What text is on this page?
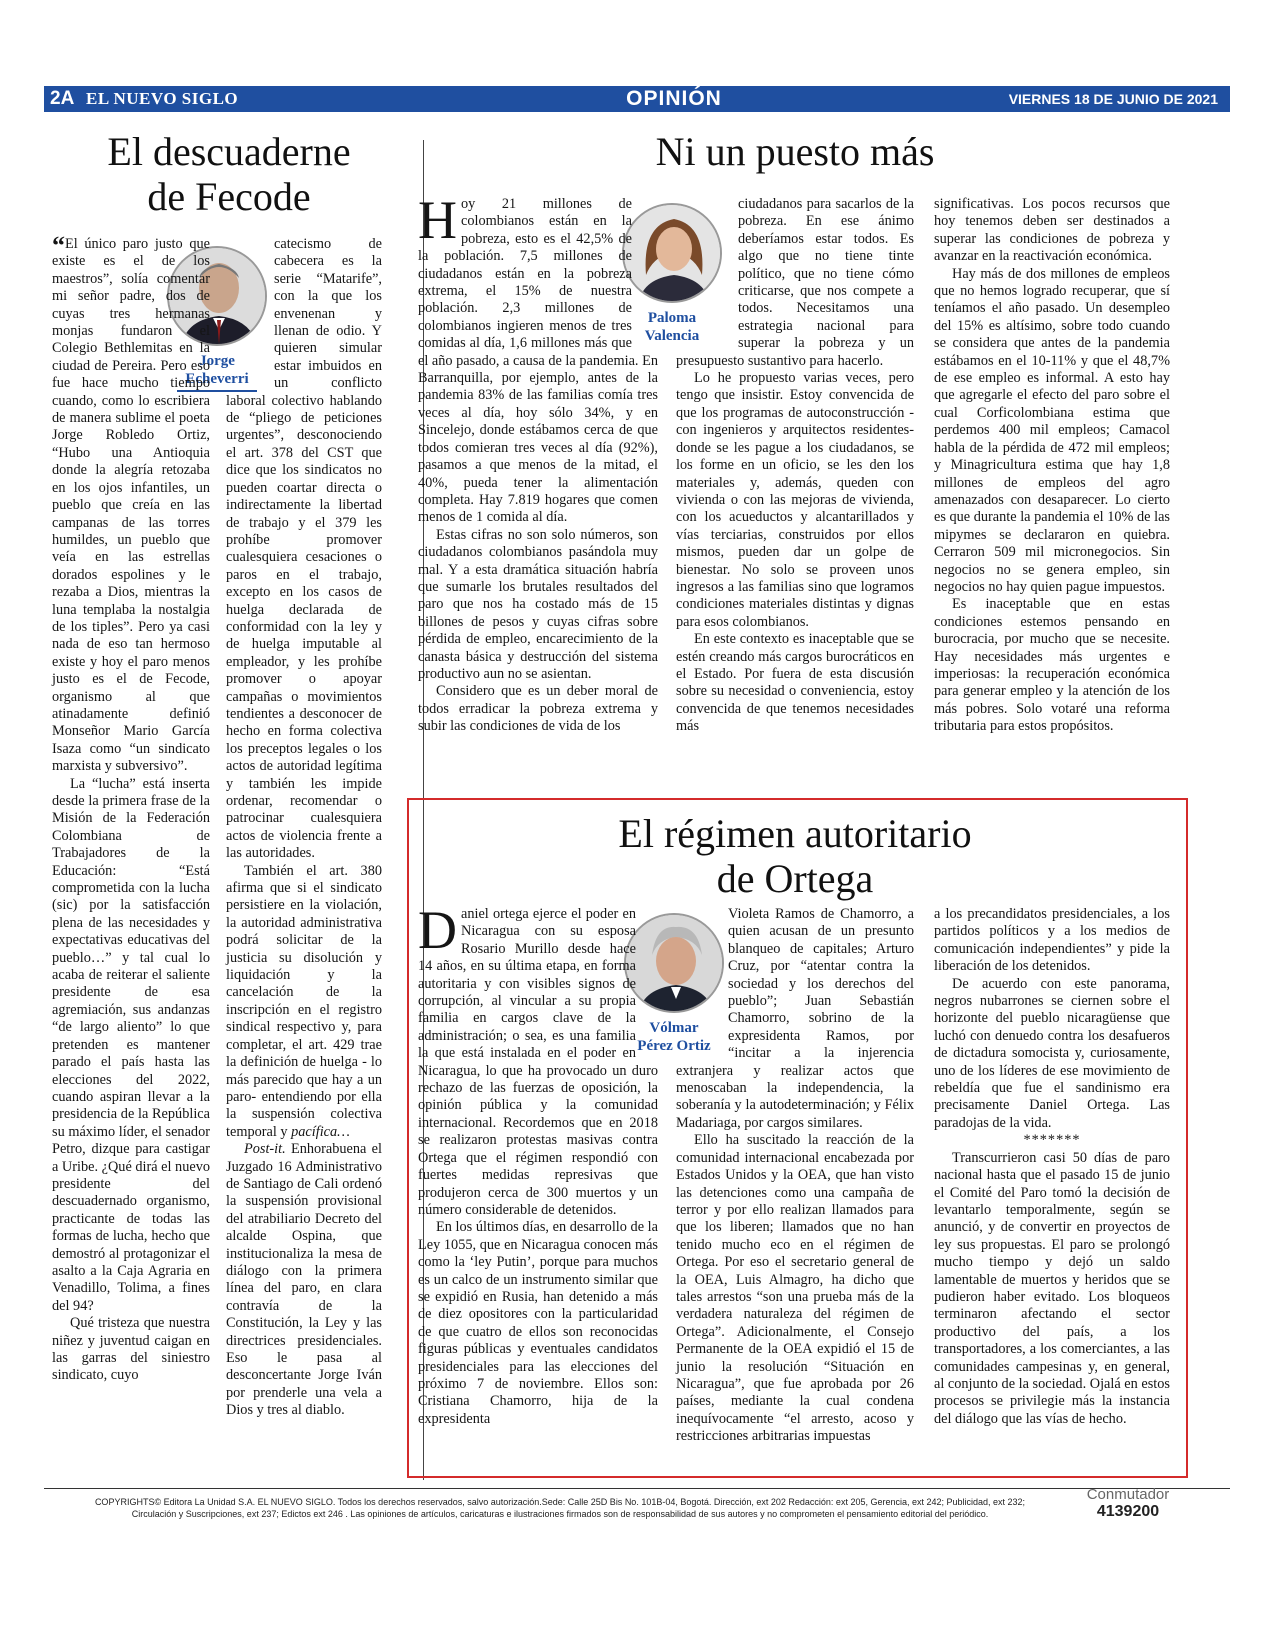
2A EL NUEVO SIGLO	OPINIÓN	VIERNES 18 DE JUNIO DE 2021
El descuaderne
de Fecode
Jorge
Echeverri

“El único paro justo que existe es el de los maestros”, solía comentar mi señor padre, dos de cuyas tres hermanas monjas fundaron el Colegio Bethlemitas en la ciudad de Pereira. Pero eso fue hace mucho tiempo cuando, como lo escribiera de manera sublime el poeta Jorge Robledo Ortiz, “Hubo una Antioquia donde la alegría retozaba en los ojos infantiles, un pueblo que creía en las campanas de las torres humildes, un pueblo que veía en las estrellas dorados espolines y le rezaba a Dios, mientras la luna templaba la nostalgia de los tiples”. Pero ya casi nada de eso tan hermoso existe y hoy el paro menos justo es el de Fecode, organismo al que atinadamente definió Monseñor Mario García Isaza como “un sindicato marxista y subversivo”.

La “lucha” está inserta desde la primera frase de la Misión de la Federación Colombiana de Trabajadores de la Educación: “Está comprometida con la lucha (sic) por la satisfacción plena de las necesidades y expectativas educativas del pueblo…” y tal cual lo acaba de reiterar el saliente presidente de esa agremiación, sus andanzas “de largo aliento” lo que pretenden es mantener parado el país hasta las elecciones del 2022, cuando aspiran llevar a la presidencia de la República su máximo líder, el senador Petro, dizque para castigar a Uribe. ¿Qué dirá el nuevo presidente del descuadernado organismo, practicante de todas las formas de lucha, hecho que demostró al protagonizar el asalto a la Caja Agraria en Venadillo, Tolima, a fines del 94?

Qué tristeza que nuestra niñez y juventud caigan en las garras del siniestro sindicato, cuyo

catecismo de cabecera es la serie “Matarife”, con la que los envenenan y llenan de odio. Y quieren simular estar imbuidos en un conflicto laboral colectivo hablando de “pliego de peticiones urgentes”, desconociendo el art. 378 del CST que dice que los sindicatos no pueden coartar directa o indirectamente la libertad de trabajo y el 379 les prohíbe promover cualesquiera cesaciones o paros en el trabajo, excepto en los casos de huelga declarada de conformidad con la ley y de huelga imputable al empleador, y les prohíbe promover o apoyar campañas o movimientos tendientes a desconocer de hecho en forma colectiva los preceptos legales o los actos de autoridad legítima y también les impide ordenar, recomendar o patrocinar cualesquiera actos de violencia frente a las autoridades.

También el art. 380 afirma que si el sindicato persistiere en la violación, la autoridad administrativa podrá solicitar de la justicia su disolución y liquidación y la cancelación de la inscripción en el registro sindical respectivo y, para completar, el art. 429 trae la definición de huelga - lo más parecido que hay a un paro- entendiendo por ella la suspensión colectiva temporal y pacífica…

Post-it. Enhorabuena el Juzgado 16 Administrativo de Santiago de Cali ordenó la suspensión provisional del atrabiliario Decreto del alcalde Ospina, que institucionaliza la mesa de diálogo con la primera línea del paro, en clara contravía de la Constitución, la Ley y las directrices presidenciales. Eso le pasa al desconcertante Jorge Iván por prenderle una vela a Dios y tres al diablo.

Ni un puesto más
Paloma
Valencia

Hoy 21 millones de colombianos están en la pobreza, esto es el 42,5% de la población. 7,5 millones de ciudadanos están en la pobreza extrema, el 15% de nuestra población. 2,3 millones de colombianos ingieren menos de tres comidas al día, 1,6 millones más que el año pasado, a causa de la pandemia. En Barranquilla, por ejemplo, antes de la pandemia 83% de las familias comía tres veces al día, hoy sólo 34%, y en Sincelejo, donde estábamos cerca de que todos comieran tres veces al día (92%), pasamos a que menos de la mitad, el 40%, pueda tener la alimentación completa. Hay 7.819 hogares que comen menos de 1 comida al día.

Estas cifras no son solo números, son ciudadanos colombianos pasándola muy mal. Y a esta dramática situación habría que sumarle los brutales resultados del paro que nos ha costado más de 15 billones de pesos y cuyas cifras sobre pérdida de empleo, encarecimiento de la canasta básica y destrucción del sistema productivo aun no se asientan.

Considero que es un deber moral de todos erradicar la pobreza extrema y subir las condiciones de vida de los

ciudadanos para sacarlos de la pobreza. En ese ánimo deberíamos estar todos. Es algo que no tiene tinte político, que no tiene cómo criticarse, que nos compete a todos. Necesitamos una estrategia nacional para superar la pobreza y un presupuesto sustantivo para hacerlo.

Lo he propuesto varias veces, pero tengo que insistir. Estoy convencida de que los programas de autoconstrucción -con ingenieros y arquitectos residentes- donde se les pague a los ciudadanos, se los forme en un oficio, se les den los materiales y, además, queden con vivienda o con las mejoras de vivienda, con los acueductos y alcantarillados y vías terciarias, construidos por ellos mismos, pueden dar un golpe de bienestar. No solo se proveen unos ingresos a las familias sino que logramos condiciones materiales distintas y dignas para esos colombianos.

En este contexto es inaceptable que se estén creando más cargos burocráticos en el Estado. Por fuera de esta discusión sobre su necesidad o conveniencia, estoy convencida de que tenemos necesidades más

significativas. Los pocos recursos que hoy tenemos deben ser destinados a superar las condiciones de pobreza y avanzar en la reactivación económica.

Hay más de dos millones de empleos que no hemos logrado recuperar, que sí teníamos el año pasado. Un desempleo del 15% es altísimo, sobre todo cuando se considera que antes de la pandemia estábamos en el 10-11% y que el 48,7% de ese empleo es informal. A esto hay que agregarle el efecto del paro sobre el cual Corficolombiana estima que perdemos 400 mil empleos; Camacol habla de la pérdida de 472 mil empleos; y Minagricultura estima que hay 1,8 millones de empleos del agro amenazados con desaparecer. Lo cierto es que durante la pandemia el 10% de las mipymes se declararon en quiebra. Cerraron 509 mil micronegocios. Sin negocios no se genera empleo, sin negocios no hay quien pague impuestos.

Es inaceptable que en estas condiciones estemos pensando en burocracia, por mucho que se necesite. Hay necesidades más urgentes e imperiosas: la recuperación económica para generar empleo y la atención de los más pobres. Solo votaré una reforma tributaria para estos propósitos.

El régimen autoritario
de Ortega
Vólmar
Pérez Ortiz

Daniel ortega ejerce el poder en Nicaragua con su esposa Rosario Murillo desde hace 14 años, en su última etapa, en forma autoritaria y con visibles signos de corrupción, al vincular a su propia familia en cargos clave de la administración; o sea, es una familia la que está instalada en el poder en Nicaragua, lo que ha provocado un duro rechazo de las fuerzas de oposición, la opinión pública y la comunidad internacional. Recordemos que en 2018 se realizaron protestas masivas contra Ortega que el régimen respondió con fuertes medidas represivas que produjeron cerca de 300 muertos y un número considerable de detenidos.

En los últimos días, en desarrollo de la Ley 1055, que en Nicaragua conocen más como la ‘ley Putin’, porque para muchos es un calco de un instrumento similar que se expidió en Rusia, han detenido a más de diez opositores con la particularidad de que cuatro de ellos son reconocidas figuras públicas y eventuales candidatos presidenciales para las elecciones del próximo 7 de noviembre. Ellos son: Cristiana Chamorro, hija de la expresidenta

Violeta Ramos de Chamorro, a quien acusan de un presunto blanqueo de capitales; Arturo Cruz, por “atentar contra la sociedad y los derechos del pueblo”; Juan Sebastián Chamorro, sobrino de la expresidenta Ramos, por “incitar a la injerencia extranjera y realizar actos que menoscaban la independencia, la soberanía y la autodeterminación; y Félix Madariaga, por cargos similares.

Ello ha suscitado la reacción de la comunidad internacional encabezada por Estados Unidos y la OEA, que han visto las detenciones como una campaña de terror y por ello realizan llamados para que los liberen; llamados que no han tenido mucho eco en el régimen de Ortega. Por eso el secretario general de la OEA, Luis Almagro, ha dicho que tales arrestos “son una prueba más de la verdadera naturaleza del régimen de Ortega”. Adicionalmente, el Consejo Permanente de la OEA expidió el 15 de junio la resolución “Situación en Nicaragua”, que fue aprobada por 26 países, mediante la cual condena inequívocamente “el arresto, acoso y restricciones arbitrarias impuestas

a los precandidatos presidenciales, a los partidos políticos y a los medios de comunicación independientes” y pide la liberación de los detenidos.

De acuerdo con este panorama, negros nubarrones se ciernen sobre el horizonte del pueblo nicaragüense que luchó con denuedo contra los desafueros de dictadura somocista y, curiosamente, uno de los líderes de ese movimiento de rebeldía que fue el sandinismo era precisamente Daniel Ortega. Las paradojas de la vida.

*******

Transcurrieron casi 50 días de paro nacional hasta que el pasado 15 de junio el Comité del Paro tomó la decisión de levantarlo temporalmente, según se anunció, y de convertir en proyectos de ley sus propuestas. El paro se prolongó mucho tiempo y dejó un saldo lamentable de muertos y heridos que se pudieron haber evitado. Los bloqueos terminaron afectando el sector productivo del país, a los transportadores, a los comerciantes, a las comunidades campesinas y, en general, al conjunto de la sociedad. Ojalá en estos procesos se privilegie más la instancia del diálogo que las vías de hecho.

COPYRIGHTS© Editora La Unidad S.A. EL NUEVO SIGLO. Todos los derechos reservados, salvo autorización.Sede: Calle 25D Bis No. 101B-04, Bogotá. Dirección, ext 202 Redacción: ext 205, Gerencia, ext 242; Publicidad, ext 232;
Circulación y Suscripciones, ext 237; Edictos ext 246 . Las opiniones de artículos, caricaturas e ilustraciones firmados son de responsabilidad de sus autores y no comprometen el pensamiento editorial del periódico.
Conmutador
4139200
